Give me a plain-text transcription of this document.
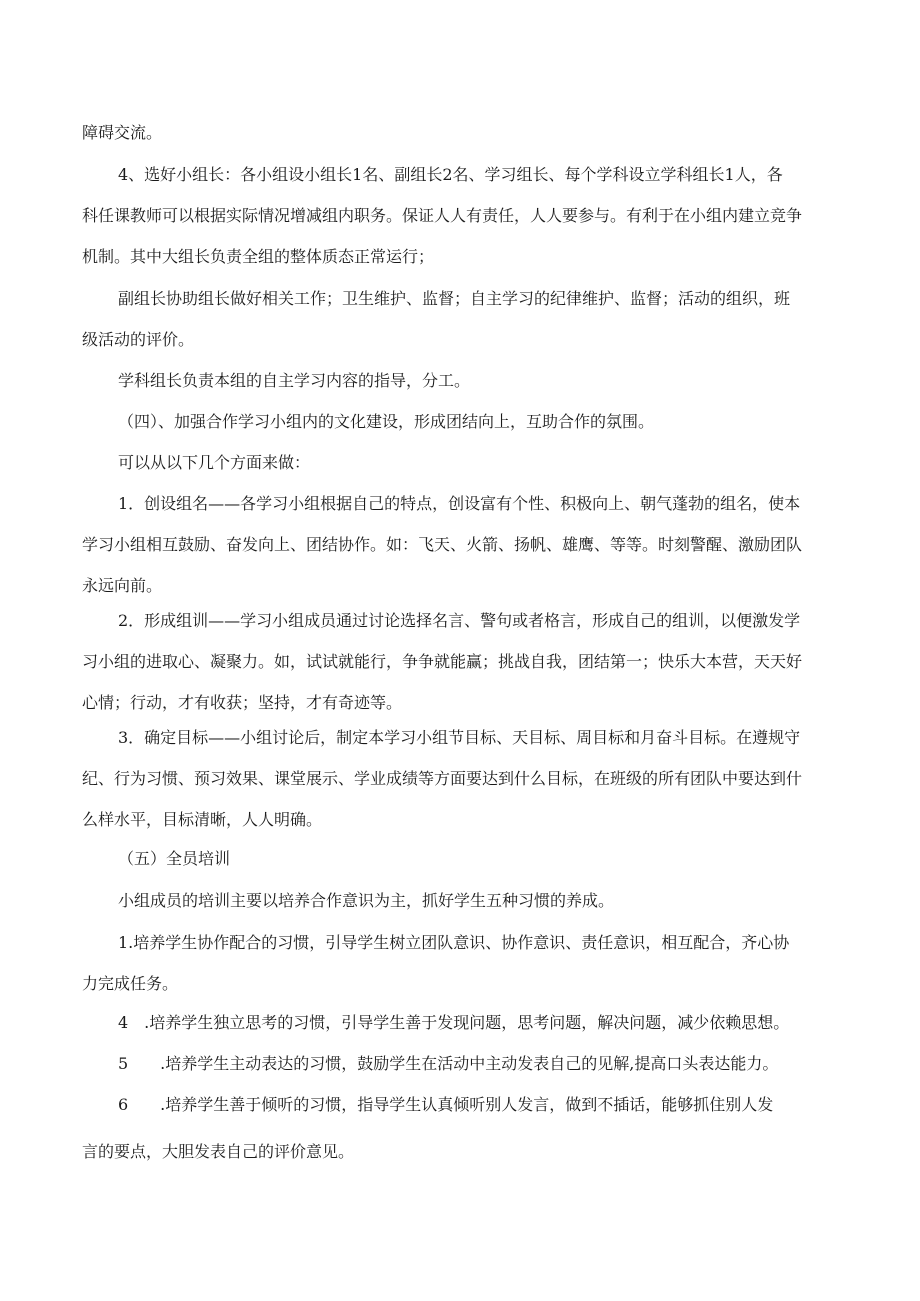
障碍交流。
4、选好小组长：各小组设小组长1名、副组长2名、学习组长、每个学科设立学科组长1人，各
科任课教师可以根据实际情况增减组内职务。保证人人有责任，人人要参与。有利于在小组内建立竞争
机制。其中大组长负责全组的整体质态正常运行；
副组长协助组长做好相关工作；卫生维护、监督；自主学习的纪律维护、监督；活动的组织，班
级活动的评价。
学科组长负责本组的自主学习内容的指导，分工。
（四）、加强合作学习小组内的文化建设，形成团结向上，互助合作的氛围。
可以从以下几个方面来做：
1．创设组名——各学习小组根据自己的特点，创设富有个性、积极向上、朝气蓬勃的组名，使本
学习小组相互鼓励、奋发向上、团结协作。如：飞天、火箭、扬帆、雄鹰、等等。时刻警醒、激励团队
永远向前。
2．形成组训——学习小组成员通过讨论选择名言、警句或者格言，形成自己的组训，以便激发学
习小组的进取心、凝聚力。如，试试就能行，争争就能赢；挑战自我，团结第一；快乐大本营，天天好
心情；行动，才有收获；坚持，才有奇迹等。
3．确定目标——小组讨论后，制定本学习小组节目标、天目标、周目标和月奋斗目标。在遵规守
纪、行为习惯、预习效果、课堂展示、学业成绩等方面要达到什么目标，在班级的所有团队中要达到什
么样水平，目标清晰，人人明确。
（五）全员培训
小组成员的培训主要以培养合作意识为主，抓好学生五种习惯的养成。
1.培养学生协作配合的习惯，引导学生树立团队意识、协作意识、责任意识，相互配合，齐心协
力完成任务。
4　.培养学生独立思考的习惯，引导学生善于发现问题，思考问题，解决问题，减少依赖思想。
5　　.培养学生主动表达的习惯，鼓励学生在活动中主动发表自己的见解,提高口头表达能力。
6　　.培养学生善于倾听的习惯，指导学生认真倾听别人发言，做到不插话，能够抓住别人发
言的要点，大胆发表自己的评价意见。
